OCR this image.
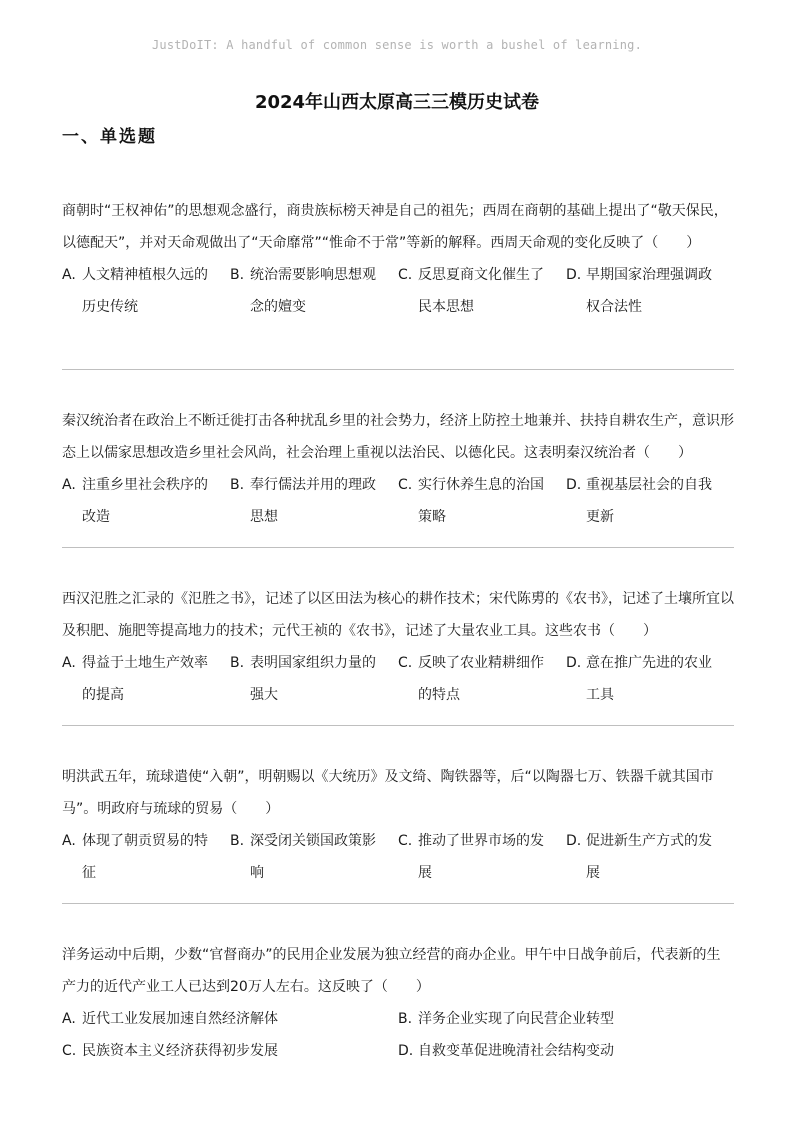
JustDoIT: A handful of common sense is worth a bushel of learning.
2024年山西太原高三三模历史试卷
一、单选题
商朝时“王权神佑”的思想观念盛行，商贵族标榜天神是自己的祖先；西周在商朝的基础上提出了“敬天保民，以德配天”，并对天命观做出了“天命靡常”“惟命不于常”等新的解释。西周天命观的变化反映了（　　）
A. 人文精神植根久远的历史传统
B. 统治需要影响思想观念的嬗变
C. 反思夏商文化催生了民本思想
D. 早期国家治理强调政权合法性
秦汉统治者在政治上不断迁徙打击各种扰乱乡里的社会势力，经济上防控土地兼并、扶持自耕农生产，意识形态上以儒家思想改造乡里社会风尚，社会治理上重视以法治民、以德化民。这表明秦汉统治者（　　）
A. 注重乡里社会秩序的改造
B. 奉行儒法并用的理政思想
C. 实行休养生息的治国策略
D. 重视基层社会的自我更新
西汉氾胜之汇录的《氾胜之书》，记述了以区田法为核心的耕作技术；宋代陈旉的《农书》，记述了土壤所宜以及积肥、施肥等提高地力的技术；元代王祯的《农书》，记述了大量农业工具。这些农书（　　）
A. 得益于土地生产效率的提高
B. 表明国家组织力量的强大
C. 反映了农业精耕细作的特点
D. 意在推广先进的农业工具
明洪武五年，琉球遣使“入朝”，明朝赐以《大统历》及文绮、陶铁器等，后“以陶器七万、铁器千就其国市马”。明政府与琉球的贸易（　　）
A. 体现了朝贡贸易的特征
B. 深受闭关锁国政策影响
C. 推动了世界市场的发展
D. 促进新生产方式的发展
洋务运动中后期，少数“官督商办”的民用企业发展为独立经营的商办企业。甲午中日战争前后，代表新的生产力的近代产业工人已达到20万人左右。这反映了（　　）
A. 近代工业发展加速自然经济解体	B. 洋务企业实现了向民营企业转型
C. 民族资本主义经济获得初步发展	D. 自救变革促进晚清社会结构变动
